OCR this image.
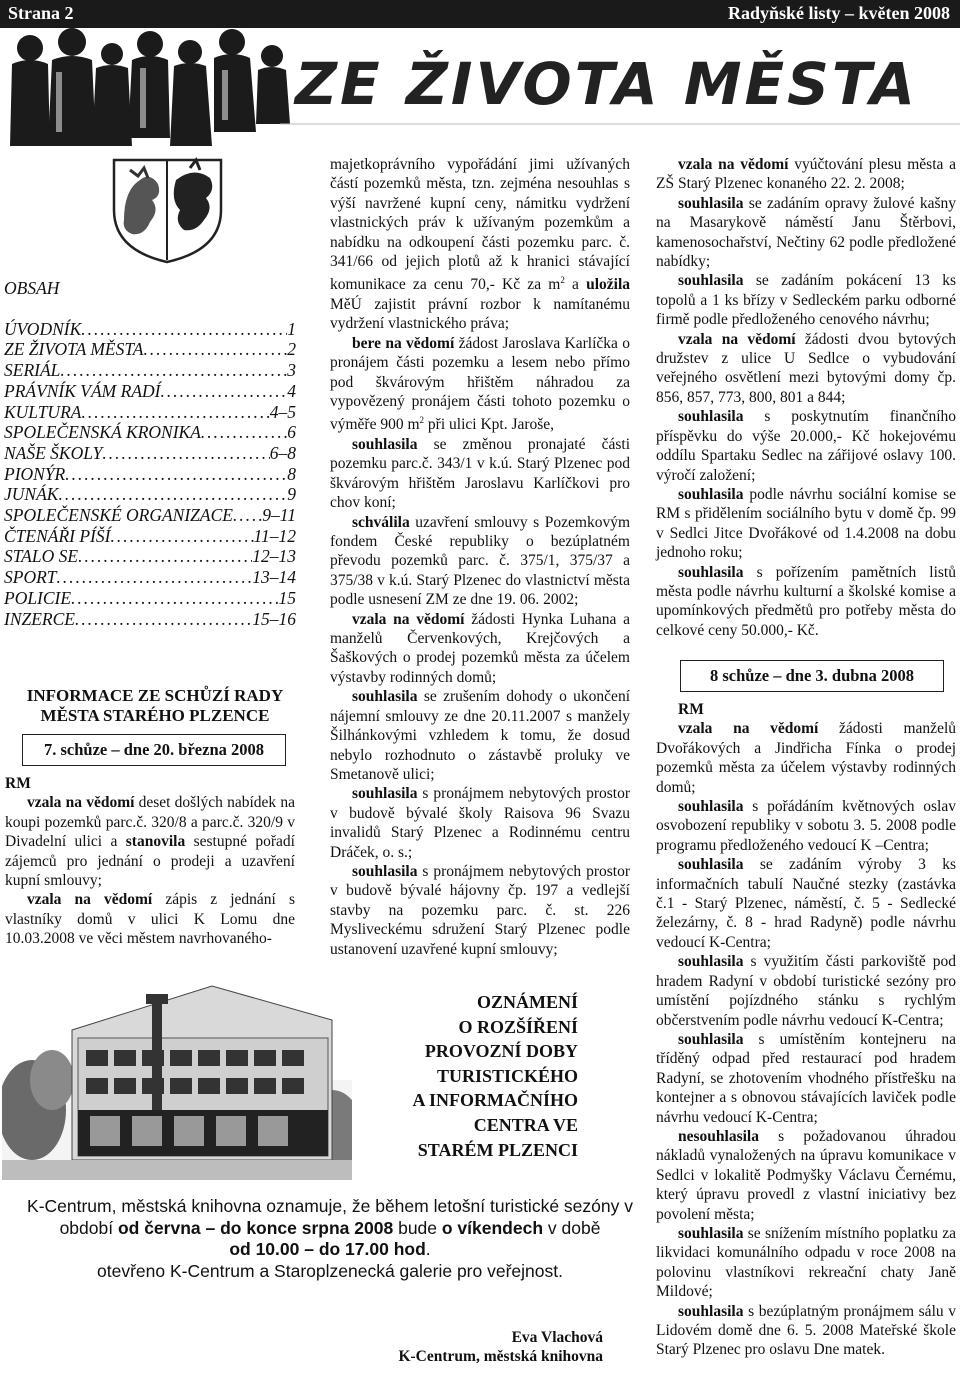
Strana 2	Radyňské listy – květen 2008
ZE ŽIVOTA MĚSTA
OBSAH
ÚVODNÍK .....	1
ZE ŽIVOTA MĚSTA .....	2
SERIÁL .....	3
PRÁVNÍK VÁM RADÍ .....	4
KULTURA .....	4–5
SPOLEČENSKÁ KRONIKA .....	6
NAŠE ŠKOLY .....	6–8
PIONÝR .....	8
JUNÁK .....	9
SPOLEČENSKÉ ORGANIZACE ..... 9–11
ČTENÁŘI PÍŠÍ .....	11–12
STALO SE .....	12–13
SPORT .....	13–14
POLICIE .....	15
INZERCE .....	15–16
INFORMACE ZE SCHŮZÍ RADY
MĚSTA STARÉHO PLZENCE
7. schůze – dne 20. března 2008

RM

vzala na vědomí deset došlých nabídek na koupi pozemků parc.č. 320/8 a parc.č. 320/9 v Divadelní ulici a stanovila sestupné pořadí zájemců pro jednání o prodeji a uzavření kupní smlouvy;

vzala na vědomí zápis z jednání s vlastníky domů v ulici K Lomu dne 10.03.2008 ve věci městem navrhovaného-

majetkoprávního vypořádání jimi užívaných částí pozemků města, tzn. zejména nesouhlas s výší navržené kupní ceny, námitku vydržení vlastnických práv k užívaným pozemkům a nabídku na odkoupení části pozemku parc. č. 341/66 od jejich plotů až k hranici stávající komunikace za cenu 70,- Kč za $m^2$ a uložila MěÚ zajistit právní rozbor k namítanému vydržení vlastnického práva;

bere na vědomí žádost Jaroslava Karlíčka o pronájem části pozemku a lesem nebo přímo pod škvárovým hřištěm náhradou za vypovězený pronájem části tohoto pozemku o výměře 900 $m^2$ při ulici Kpt. Jaroše,

souhlasila se změnou pronajaté části pozemku parc.č. 343/1 v k.ú. Starý Plzenec pod škvárovým hřištěm Jaroslavu Karlíčkovi pro chov koní;

schválila uzavření smlouvy s Pozemkovým fondem České republiky o bezúplatném převodu pozemků parc. č. 375/1, 375/37 a 375/38 v k.ú. Starý Plzenec do vlastnictví města podle usnesení ZM ze dne 19. 06. 2002;

vzala na vědomí žádosti Hynka Luhana a manželů Červenkových, Krejčových a Šaškových o prodej pozemků města za účelem výstavby rodinných domů;

souhlasila se zrušením dohody o ukončení nájemní smlouvy ze dne 20.11.2007 s manžely Šilhánkovými vzhledem k tomu, že dosud nebylo rozhodnuto o zástavbě proluky ve Smetanově ulici;

souhlasila s pronájmem nebytových prostor v budově bývalé školy Raisova 96 Svazu invalidů Starý Plzenec a Rodinnému centru Dráček, o. s.;

souhlasila s pronájmem nebytových prostor v budově bývalé hájovny čp. 197 a vedlejší stavby na pozemku parc. č. st. 226 Mysliveckému sdružení Starý Plzenec podle ustanovení uzavřené kupní smlouvy;

vzala na vědomí vyúčtování plesu města a ZŠ Starý Plzenec konaného 22. 2. 2008;

souhlasila se zadáním opravy žulové kašny na Masarykově náměstí Janu Štěrbovi, kamenosochařství, Nečtiny 62 podle předložené nabídky;

souhlasila se zadáním pokácení 13 ks topolů a 1 ks břízy v Sedleckém parku odborné firmě podle předloženého cenového návrhu;

vzala na vědomí žádosti dvou bytových družstev z ulice U Sedlce o vybudování veřejného osvětlení mezi bytovými domy čp. 856, 857, 773, 800, 801 a 844;

souhlasila s poskytnutím finančního příspěvku do výše 20.000,- Kč hokejovému oddílu Spartaku Sedlec na zářijové oslavy 100. výročí založení;

souhlasila podle návrhu sociální komise se RM s přidělením sociálního bytu v domě čp. 99 v Sedlci Jitce Dvořákové od 1.4.2008 na dobu jednoho roku;

souhlasila s pořízením pamětních listů města podle návrhu kulturní a školské komise a upomínkových předmětů pro potřeby města do celkové ceny 50.000,- Kč.

8 schůze – dne 3. dubna 2008

RM

vzala na vědomí žádosti manželů Dvořákových a Jindřicha Fínka o prodej pozemků města za účelem výstavby rodinných domů;

souhlasila s pořádáním květnových oslav osvobození republiky v sobotu 3. 5. 2008 podle programu předloženého vedoucí K –Centra;

souhlasila se zadáním výroby 3 ks informačních tabulí Naučné stezky (zastávka č.1 - Starý Plzenec, náměstí, č. 5 - Sedlecké železárny, č. 8 - hrad Radyně) podle návrhu vedoucí K-Centra;

souhlasila s využitím části parkoviště pod hradem Radyní v období turistické sezóny pro umístění pojízdného stánku s rychlým občerstvením podle návrhu vedoucí K-Centra;

souhlasila s umístěním kontejneru na tříděný odpad před restaurací pod hradem Radyní, se zhotovením vhodného přístřešku na kontejner a s obnovou stávajících laviček podle návrhu vedoucí K-Centra;

nesouhlasila s požadovanou úhradou nákladů vynaložených na úpravu komunikace v Sedlci v lokalitě Podmyšky Václavu Černému, který úpravu provedl z vlastní iniciativy bez povolení města;

souhlasila se snížením místního poplatku za likvidaci komunálního odpadu v roce 2008 na polovinu vlastníkovi rekreační chaty Janě Mildové;

souhlasila s bezúplatným pronájmem sálu v Lidovém domě dne 6. 5. 2008 Mateřské škole Starý Plzenec pro oslavu Dne matek.

OZNÁMENÍ
O ROZŠÍŘENÍ
PROVOZNÍ DOBY
TURISTICKÉHO
A INFORMAČNÍHO
CENTRA VE
STARÉM PLZENCI
K-Centrum, městská knihovna oznamuje, že během letošní turistické sezóny v období od června – do konce srpna 2008 bude o víkendech v době
od 10.00 – do 17.00 hod.
otevřeno K-Centrum a Staroplzenecká galerie pro veřejnost.
Eva Vlachová
K-Centrum, městská knihovna
